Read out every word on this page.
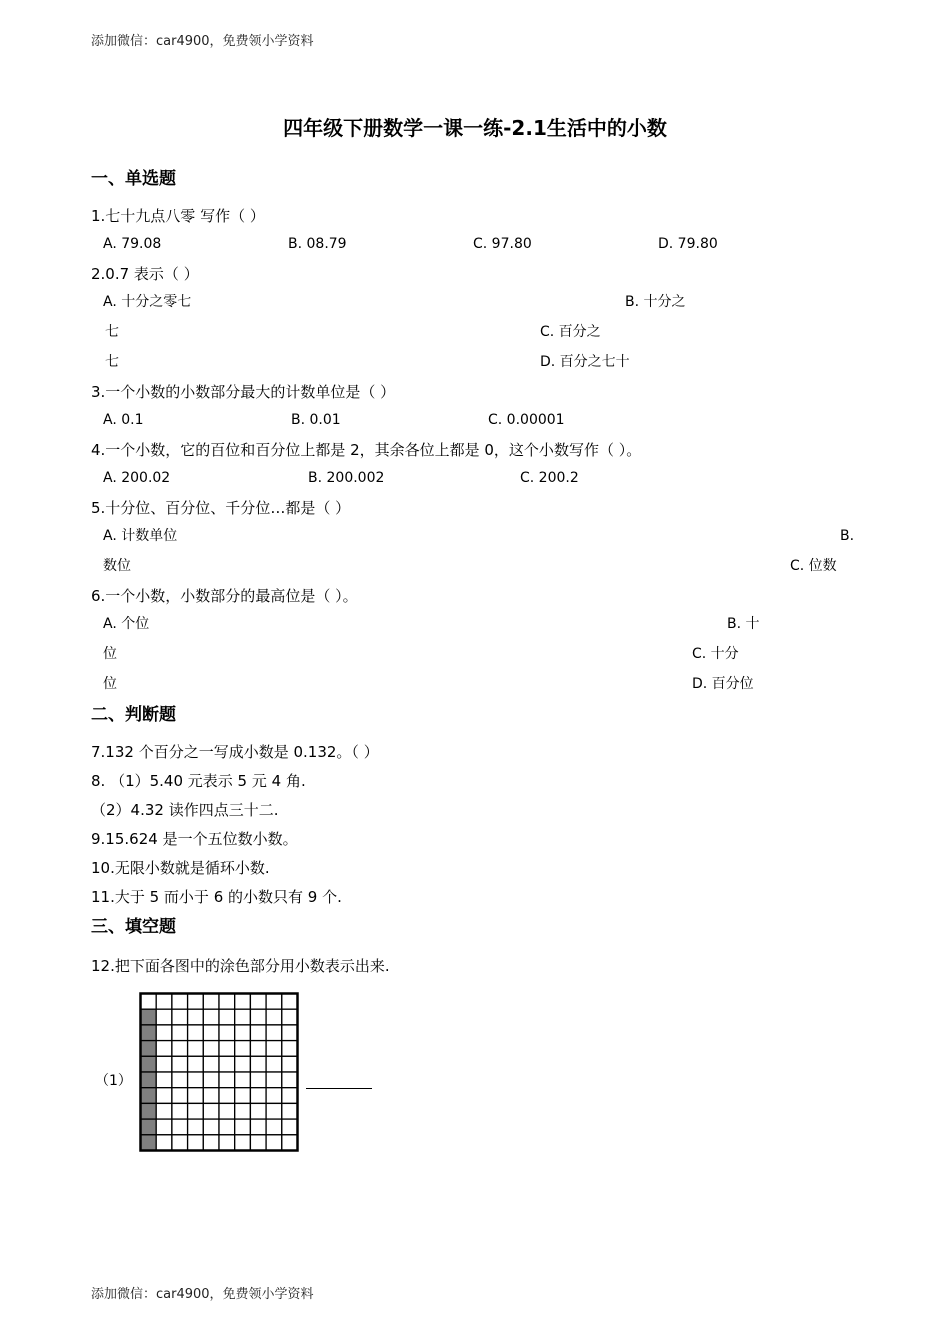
添加微信：car4900，免费领小学资料
四年级下册数学一课一练-2.1生活中的小数
一、单选题
1.七十九点八零 写作（ ）
A. 79.08	B. 08.79	C. 97.80	D. 79.80
2.0.7 表示（ ）
A. 十分之零七	B. 十分之
七	C. 百分之
七	D. 百分之七十
3.一个小数的小数部分最大的计数单位是（ ）
A. 0.1	B. 0.01	C. 0.00001
4.一个小数，它的百位和百分位上都是 2，其余各位上都是 0，这个小数写作（ ）。
A. 200.02	B. 200.002	C. 200.2
5.十分位、百分位、千分位…都是（ ）
A. 计数单位	B.
数位	C. 位数
6.一个小数，小数部分的最高位是（ ）。
A. 个位	B. 十
位	C. 十分
位	D. 百分位
二、判断题
7.132 个百分之一写成小数是 0.132。（ ）
8. （1）5.40 元表示 5 元 4 角.
（2）4.32 读作四点三十二.
9.15.624 是一个五位数小数。
10.无限小数就是循环小数.
11.大于 5 而小于 6 的小数只有 9 个.
三、填空题
12.把下面各图中的涂色部分用小数表示出来.
（1）
添加微信：car4900，免费领小学资料
